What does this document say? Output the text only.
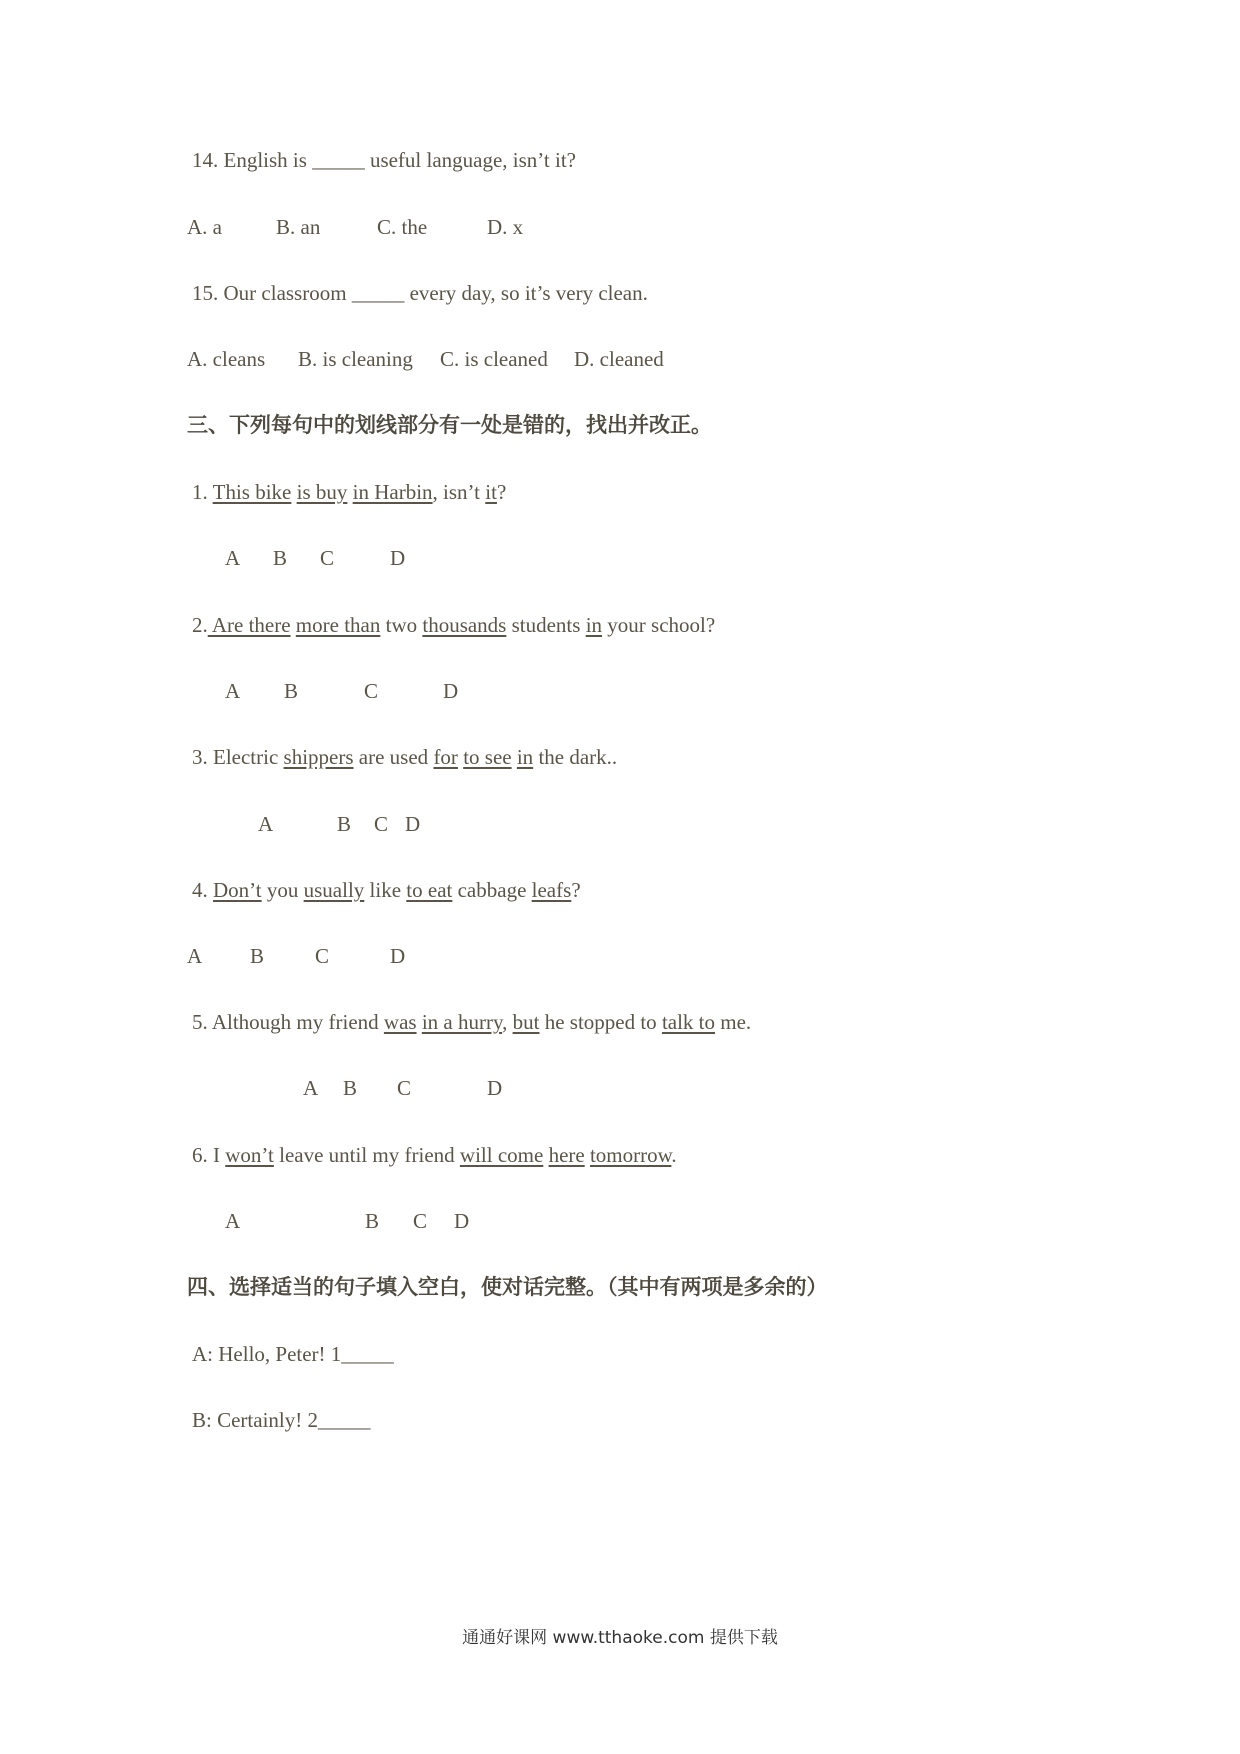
14. English is _____ useful language, isn’t it?
A. a	B. an	C. the	D. x
15. Our classroom _____ every day, so it’s very clean.
A. cleans B. is cleaning C. is cleaned D. cleaned
三、下列每句中的划线部分有一处是错的，找出并改正。
1. This bike is buy in Harbin, isn’t it?
A B C	D
2. Are there more than two thousands students in your school?
A B	C	D
3. Electric shippers are used for to see in the dark..
A	B C D
4. Don’t you usually like to eat cabbage leafs?
A B C	D
5. Although my friend was in a hurry, but he stopped to talk to me.
A B C	D
6. I won’t leave until my friend will come here tomorrow.
A	B C D
四、选择适当的句子填入空白，使对话完整。（其中有两项是多余的）
A: Hello, Peter! 1_____
B: Certainly! 2_____
通通好课网 www.tthaoke.com 提供下载
